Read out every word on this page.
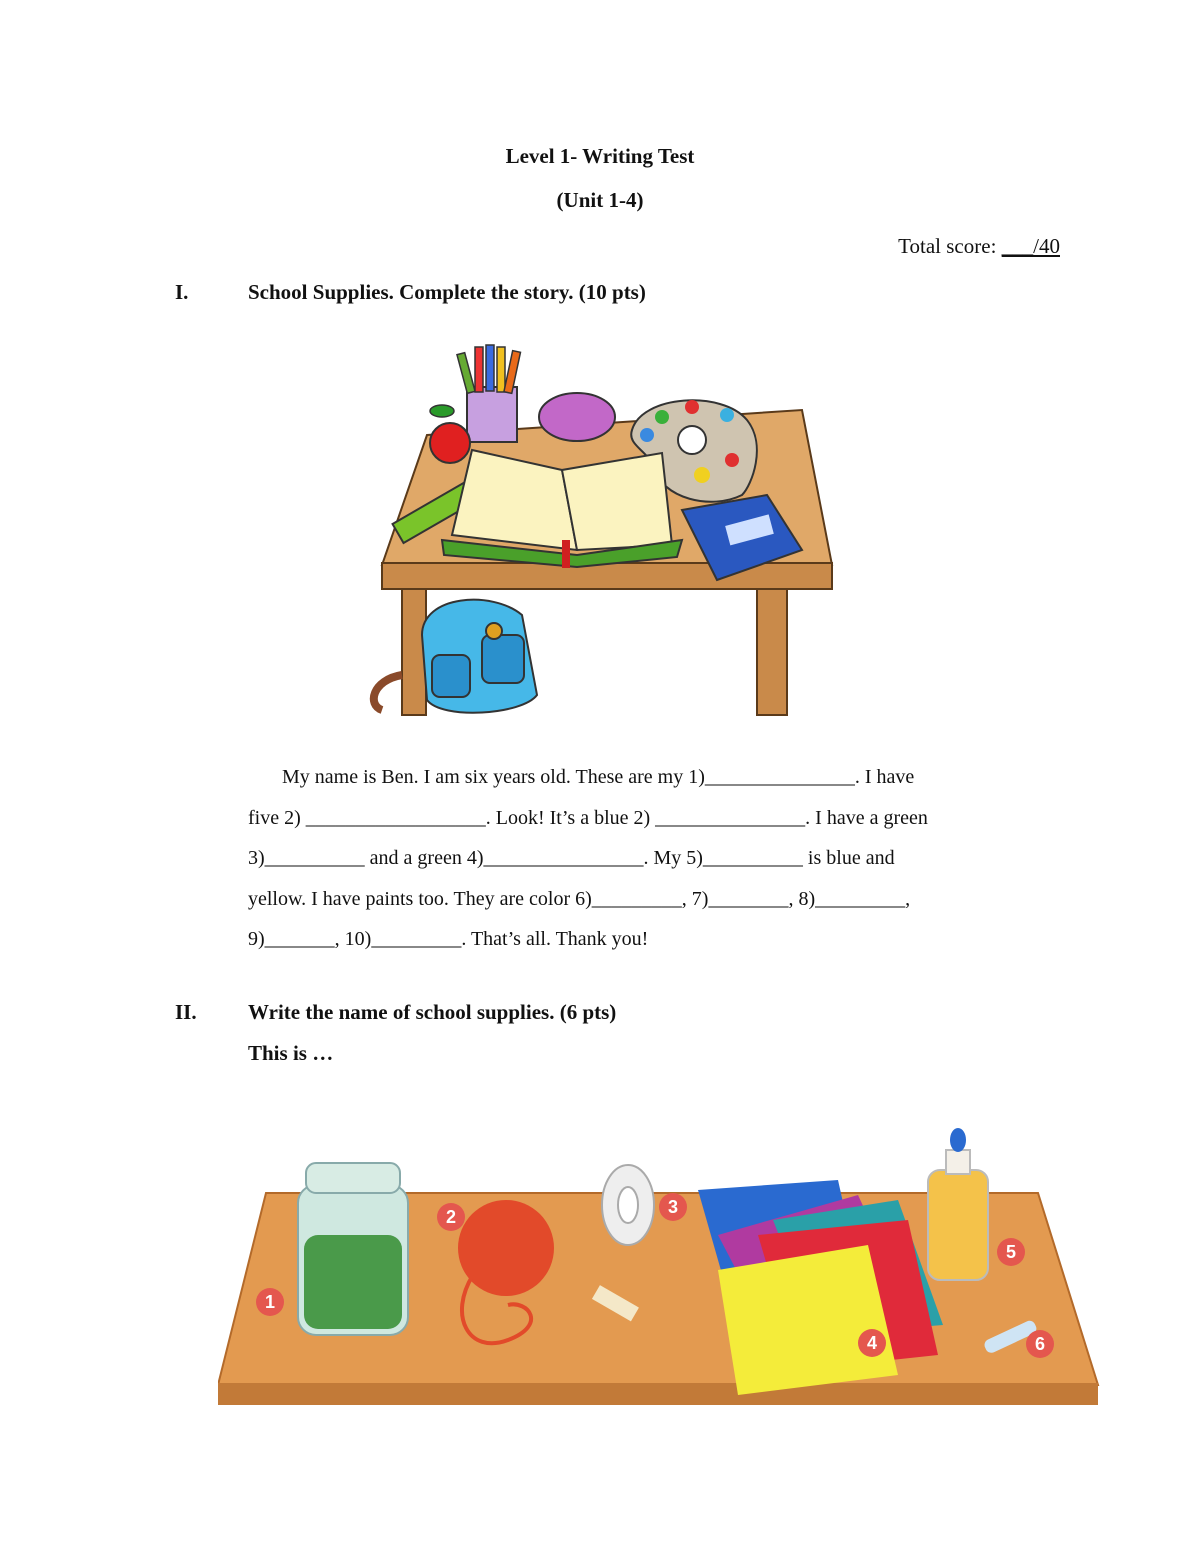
Level 1- Writing Test
(Unit 1-4)
Total score: ___/40
I.	School Supplies. Complete the story. (10 pts)
My name is Ben. I am six years old. These are my 1)_______________. I have
five 2) __________________. Look! It’s a blue 2) _______________. I have a green
3)__________ and a green 4)________________. My 5)__________ is blue and
yellow. I have paints too. They are color 6)_________, 7)________, 8)_________,
9)_______, 10)_________. That’s all. Thank you!
II. Write the name of school supplies. (6 pts)
This is …
1
2	3
4
5
6
